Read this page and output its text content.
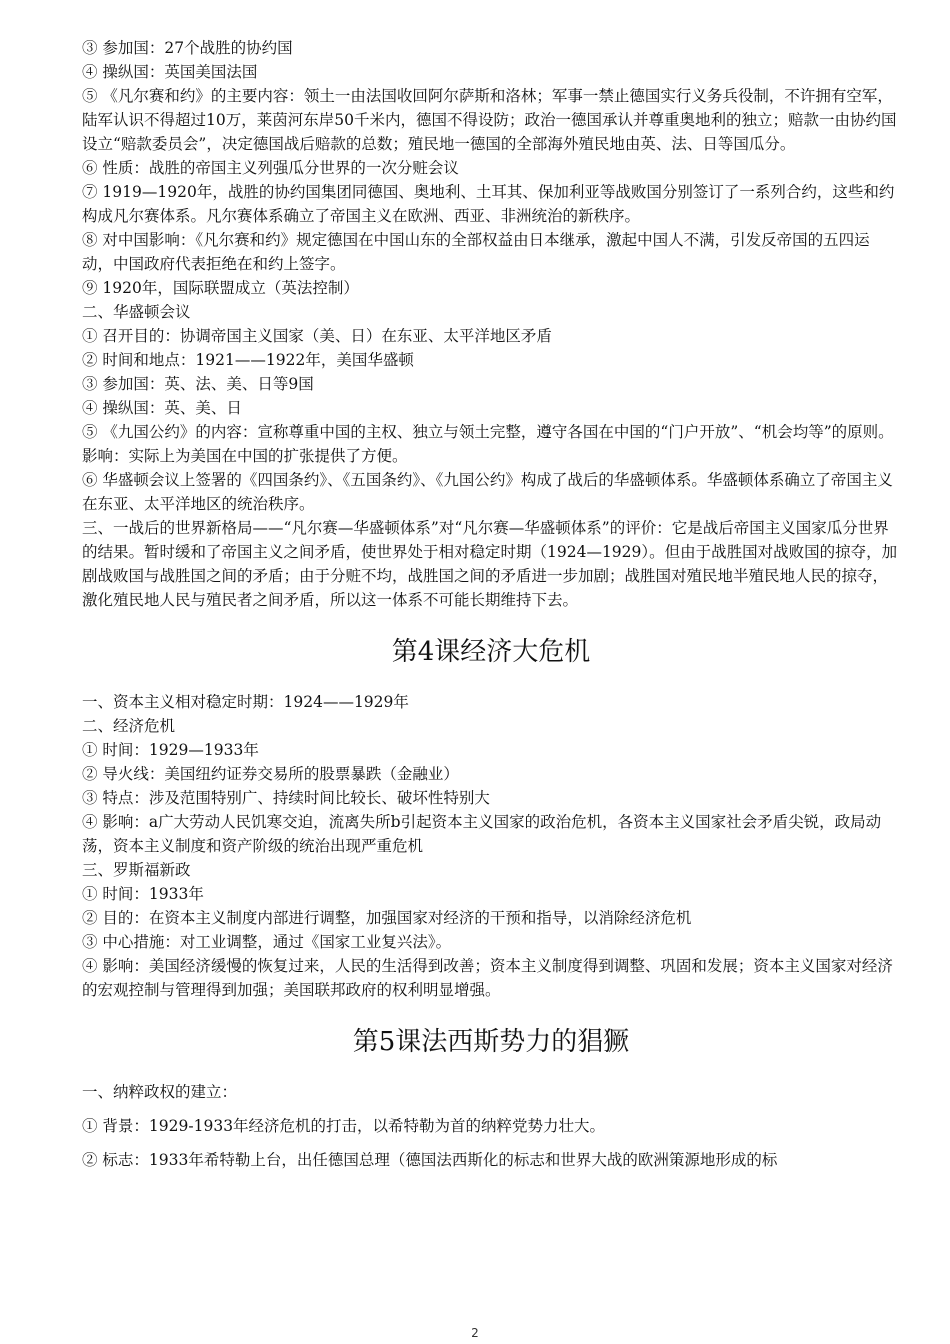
③ 参加国：27个战胜的协约国

④ 操纵国：英国美国法国

⑤ 《凡尔赛和约》的主要内容：领土一由法国收回阿尔萨斯和洛林；军事一禁止德国实行义务兵役制，不许拥有空军，陆军认识不得超过10万，莱茵河东岸50千米内，德国不得设防；政治一德国承认并尊重奥地利的独立；赔款一由协约国设立“赔款委员会”，决定德国战后赔款的总数；殖民地一德国的全部海外殖民地由英、法、日等国瓜分。

⑥ 性质：战胜的帝国主义列强瓜分世界的一次分赃会议

⑦ 1919—1920年，战胜的协约国集团同德国、奥地利、土耳其、保加利亚等战败国分别签订了一系列合约，这些和约构成凡尔赛体系。凡尔赛体系确立了帝国主义在欧洲、西亚、非洲统治的新秩序。

⑧ 对中国影响：《凡尔赛和约》规定德国在中国山东的全部权益由日本继承，激起中国人不满，引发反帝国的五四运动，中国政府代表拒绝在和约上签字。

⑨ 1920年，国际联盟成立（英法控制）

二、华盛顿会议

① 召开目的：协调帝国主义国家（美、日）在东亚、太平洋地区矛盾

② 时间和地点：1921——1922年，美国华盛顿

③ 参加国：英、法、美、日等9国

④ 操纵国：英、美、日

⑤ 《九国公约》的内容：宣称尊重中国的主权、独立与领土完整，遵守各国在中国的“门户开放”、“机会均等”的原则。影响：实际上为美国在中国的扩张提供了方便。

⑥ 华盛顿会议上签署的《四国条约》、《五国条约》、《九国公约》构成了战后的华盛顿体系。华盛顿体系确立了帝国主义在东亚、太平洋地区的统治秩序。

三、一战后的世界新格局——“凡尔赛—华盛顿体系”对“凡尔赛—华盛顿体系”的评价：它是战后帝国主义国家瓜分世界的结果。暂时缓和了帝国主义之间矛盾，使世界处于相对稳定时期（1924—1929）。但由于战胜国对战败国的掠夺，加剧战败国与战胜国之间的矛盾；由于分赃不均，战胜国之间的矛盾进一步加剧；战胜国对殖民地半殖民地人民的掠夺，激化殖民地人民与殖民者之间矛盾，所以这一体系不可能长期维持下去。

第4课经济大危机

一、资本主义相对稳定时期：1924——1929年

二、经济危机

① 时间：1929—1933年

② 导火线：美国纽约证券交易所的股票暴跌（金融业）

③ 特点：涉及范围特别广、持续时间比较长、破坏性特别大

④ 影响：a广大劳动人民饥寒交迫，流离失所b引起资本主义国家的政治危机，各资本主义国家社会矛盾尖锐，政局动荡，资本主义制度和资产阶级的统治出现严重危机

三、罗斯福新政

① 时间：1933年

② 目的：在资本主义制度内部进行调整，加强国家对经济的干预和指导，以消除经济危机

③ 中心措施：对工业调整，通过《国家工业复兴法》。

④ 影响：美国经济缓慢的恢复过来，人民的生活得到改善；资本主义制度得到调整、巩固和发展；资本主义国家对经济的宏观控制与管理得到加强；美国联邦政府的权利明显增强。

第5课法西斯势力的猖獗

一、纳粹政权的建立：

① 背景：1929-1933年经济危机的打击，以希特勒为首的纳粹党势力壮大。

② 标志：1933年希特勒上台，出任德国总理（德国法西斯化的标志和世界大战的欧洲策源地形成的标

2
